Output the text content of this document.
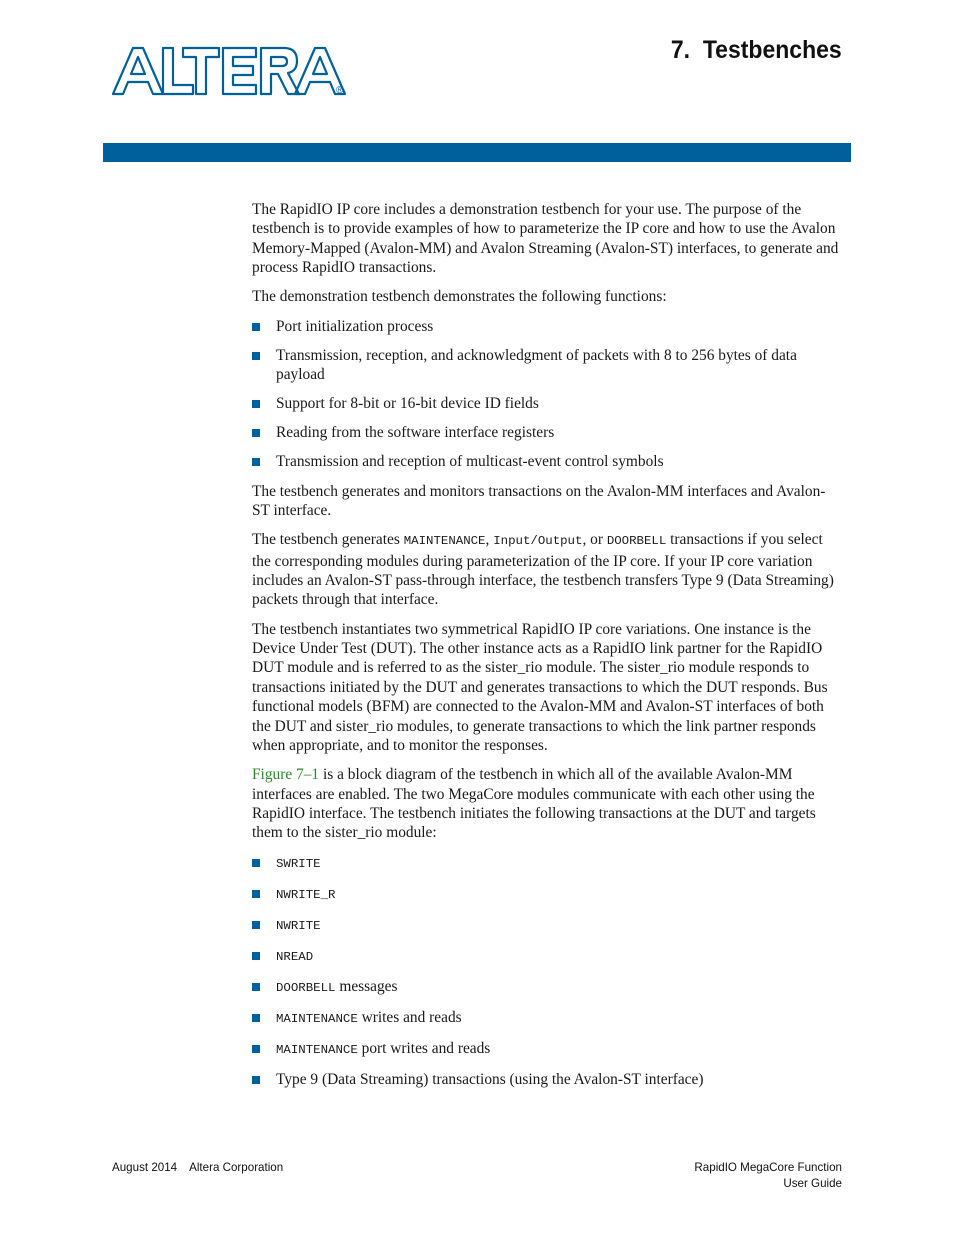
®
7.  Testbenches

The RapidIO IP core includes a demonstration testbench for your use. The purpose of the testbench is to provide examples of how to parameterize the IP core and how to use the Avalon Memory-Mapped (Avalon-MM) and Avalon Streaming (Avalon-ST) interfaces, to generate and process RapidIO transactions.

The demonstration testbench demonstrates the following functions:

Port initialization process
Transmission, reception, and acknowledgment of packets with 8 to 256 bytes of data payload
Support for 8-bit or 16-bit device ID fields
Reading from the software interface registers
Transmission and reception of multicast-event control symbols

The testbench generates and monitors transactions on the Avalon-MM interfaces and Avalon-ST interface.

The testbench generates MAINTENANCE, Input/Output, or DOORBELL transactions if you select the corresponding modules during parameterization of the IP core. If your IP core variation includes an Avalon-ST pass-through interface, the testbench transfers Type 9 (Data Streaming) packets through that interface.

The testbench instantiates two symmetrical RapidIO IP core variations. One instance is the Device Under Test (DUT). The other instance acts as a RapidIO link partner for the RapidIO DUT module and is referred to as the sister_rio module. The sister_rio module responds to transactions initiated by the DUT and generates transactions to which the DUT responds. Bus functional models (BFM) are connected to the Avalon-MM and Avalon-ST interfaces of both the DUT and sister_rio modules, to generate transactions to which the link partner responds when appropriate, and to monitor the responses.

Figure 7–1 is a block diagram of the testbench in which all of the available Avalon-MM interfaces are enabled. The two MegaCore modules communicate with each other using the RapidIO interface. The testbench initiates the following transactions at the DUT and targets them to the sister_rio module:

SWRITE
NWRITE_R
NWRITE
NREAD
DOORBELL messages
MAINTENANCE writes and reads
MAINTENANCE port writes and reads
Type 9 (Data Streaming) transactions (using the Avalon-ST interface)
August 2014 Altera Corporation	RapidIO MegaCore Function
User Guide
